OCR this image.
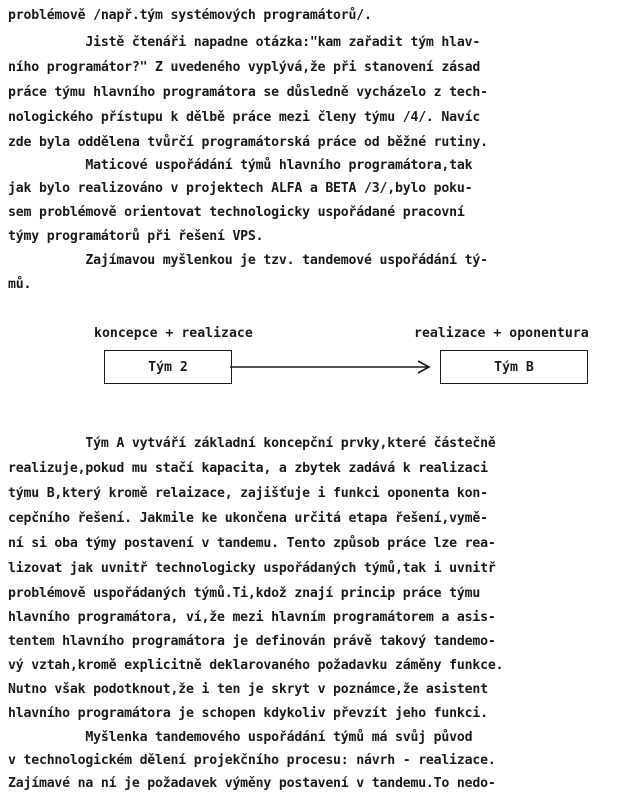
problémově /např.tým systémových programátorů/.
Jistě čtenáři napadne otázka:"kam zařadit tým hlav-
ního programátor?" Z uvedeného vyplývá,že při stanovení zásad
práce týmu hlavního programátora se důsledně vycházelo z tech-
nologického přístupu k dělbě práce mezi členy týmu /4/. Navíc
zde byla oddělena tvůrčí programátorská práce od běžné rutiny.
Maticové uspořádání týmů hlavního programátora,tak
jak bylo realizováno v projektech ALFA a BETA /3/,bylo poku-
sem problémově orientovat technologicky uspořádané pracovní
týmy programátorů při řešení VPS.
Zajímavou myšlenkou je tzv. tandemové uspořádání tý-
mů.
koncepce + realizace	realizace + oponentura
Tým 2	Tým B
Tým A vytváří základní koncepční prvky,které částečně
realizuje,pokud mu stačí kapacita, a zbytek zadává k realizaci
týmu B,který kromě relaizace, zajišťuje i funkci oponenta kon-
cepčního řešení. Jakmile ke ukončena určitá etapa řešení,vymě-
ní si oba týmy postavení v tandemu. Tento způsob práce lze rea-
lizovat jak uvnitř technologicky uspořádaných týmů,tak i uvnitř
problémově uspořádaných týmů.Ti,kdož znají princip práce týmu
hlavního programátora, ví,že mezi hlavním programátorem a asis-
tentem hlavního programátora je definován právě takový tandemo-
vý vztah,kromě explicitně deklarovaného požadavku záměny funkce.
Nutno však podotknout,že i ten je skryt v poznámce,že asistent
hlavního programátora je schopen kdykoliv převzít jeho funkci.
Myšlenka tandemového uspořádání týmů má svůj původ
v technologickém dělení projekčního procesu: návrh - realizace.
Zajímavé na ní je požadavek výměny postavení v tandemu.To nedo-
